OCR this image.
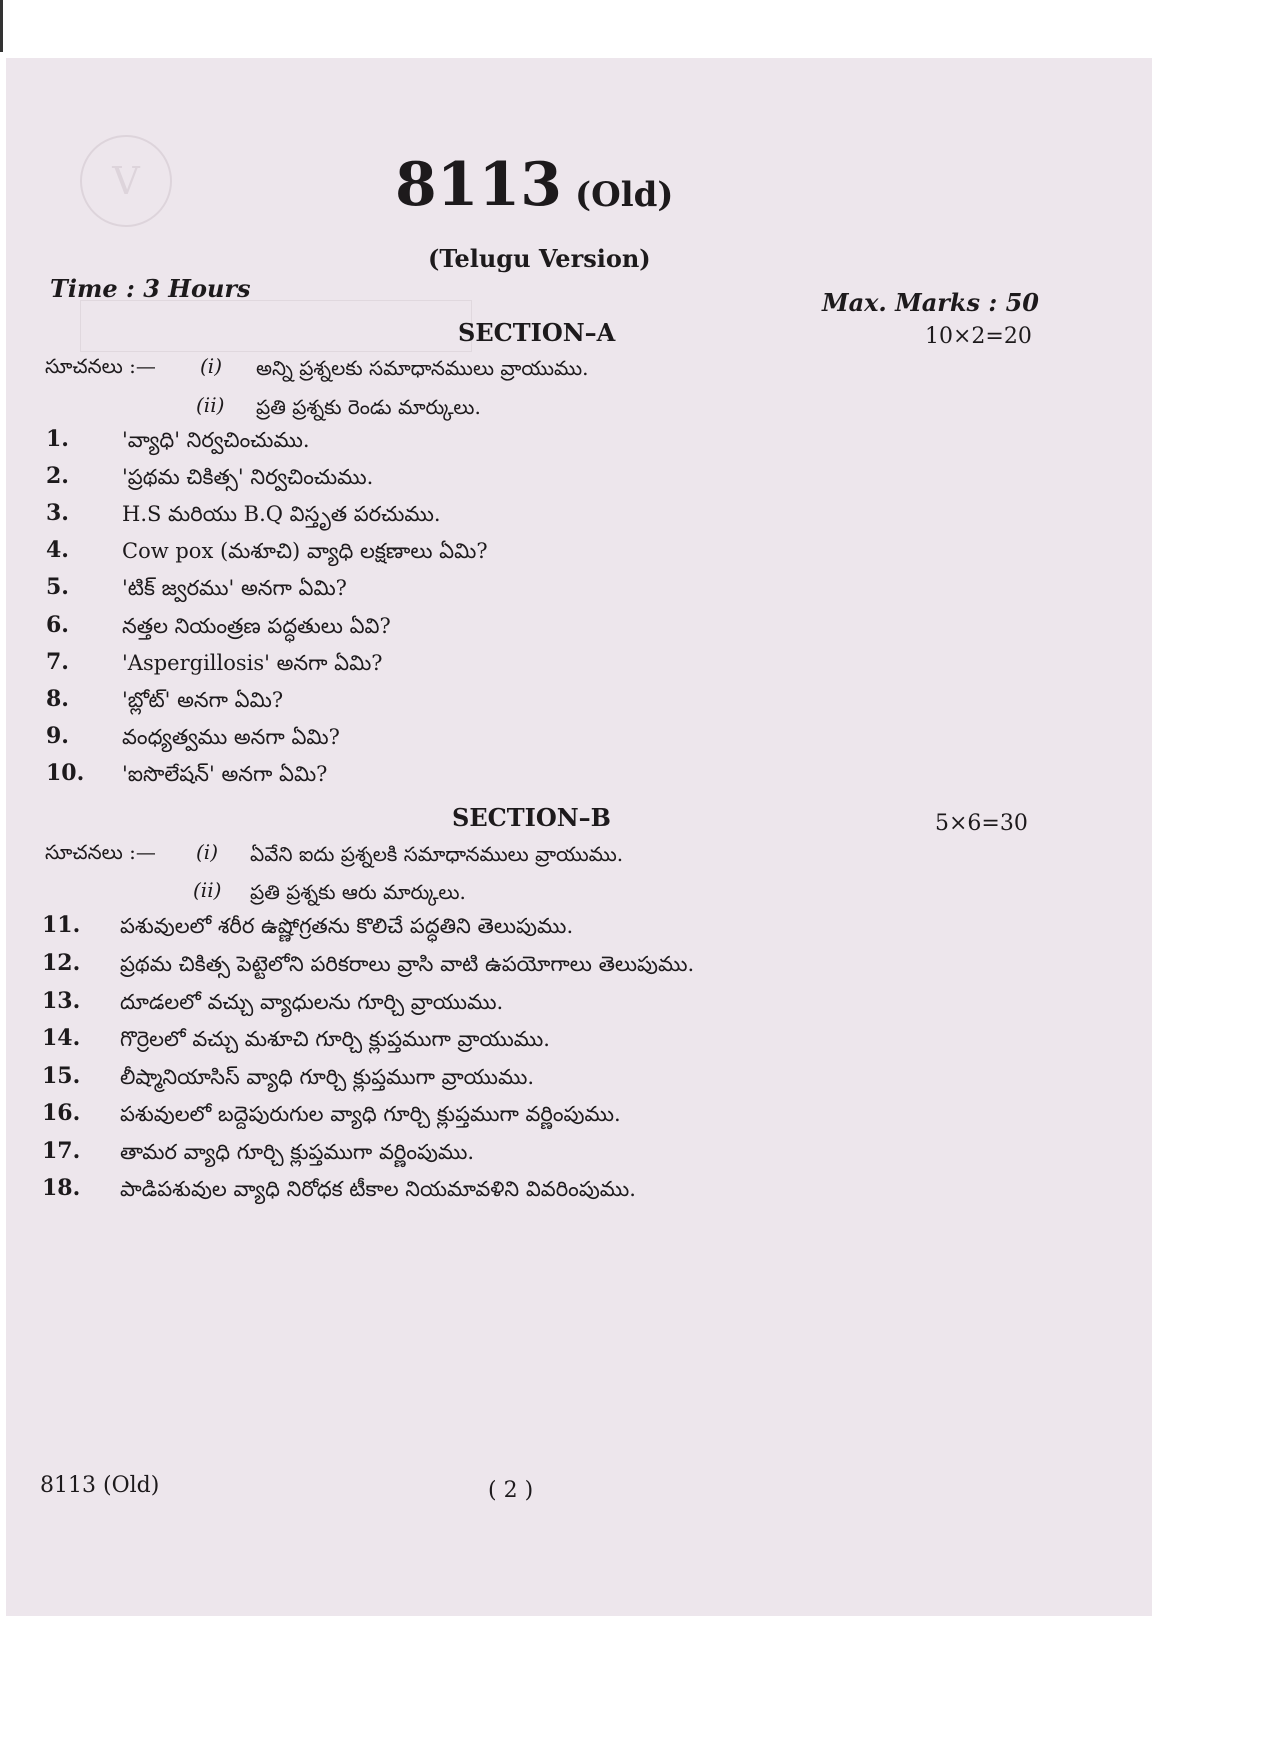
V	8113 (Old)
(Telugu Version)
Time : 3 Hours	Max. Marks : 50
SECTION–A	10×2=20
సూచనలు :— (i) అన్ని ప్రశ్నలకు సమాధానములు వ్రాయుము.
(ii) ప్రతి ప్రశ్నకు రెండు మార్కులు.
1.	'వ్యాధి' నిర్వచించుము.
2.	'ప్రథమ చికిత్స' నిర్వచించుము.
3.	H.S మరియు B.Q విస్తృత పరచుము.
4.	Cow pox (మశూచి) వ్యాధి లక్షణాలు ఏమి?
5.	'టిక్ జ్వరము' అనగా ఏమి?
6.	నత్తల నియంత్రణ పద్ధతులు ఏవి?
7.	'Aspergillosis' అనగా ఏమి?
8.	'బ్లోట్' అనగా ఏమి?
9.	వంధ్యత్వము అనగా ఏమి?
10. 'ఐసొలేషన్' అనగా ఏమి?
SECTION–B	5×6=30
సూచనలు :— (i) ఏవేని ఐదు ప్రశ్నలకి సమాధానములు వ్రాయుము.
(ii) ప్రతి ప్రశ్నకు ఆరు మార్కులు.
11. పశువులలో శరీర ఉష్ణోగ్రతను కొలిచే పద్ధతిని తెలుపుము.
12. ప్రథమ చికిత్స పెట్టెలోని పరికరాలు వ్రాసి వాటి ఉపయోగాలు తెలుపుము.
13. దూడలలో వచ్చు వ్యాధులను గూర్చి వ్రాయుము.
14. గొర్రెలలో వచ్చు మశూచి గూర్చి క్లుప్తముగా వ్రాయుము.
15. లీష్మానియాసిస్ వ్యాధి గూర్చి క్లుప్తముగా వ్రాయుము.
16. పశువులలో బద్దెపురుగుల వ్యాధి గూర్చి క్లుప్తముగా వర్ణింపుము.
17. తామర వ్యాధి గూర్చి క్లుప్తముగా వర్ణింపుము.
18. పాడిపశువుల వ్యాధి నిరోధక టీకాల నియమావళిని వివరింపుము.
8113 (Old)	( 2 )
